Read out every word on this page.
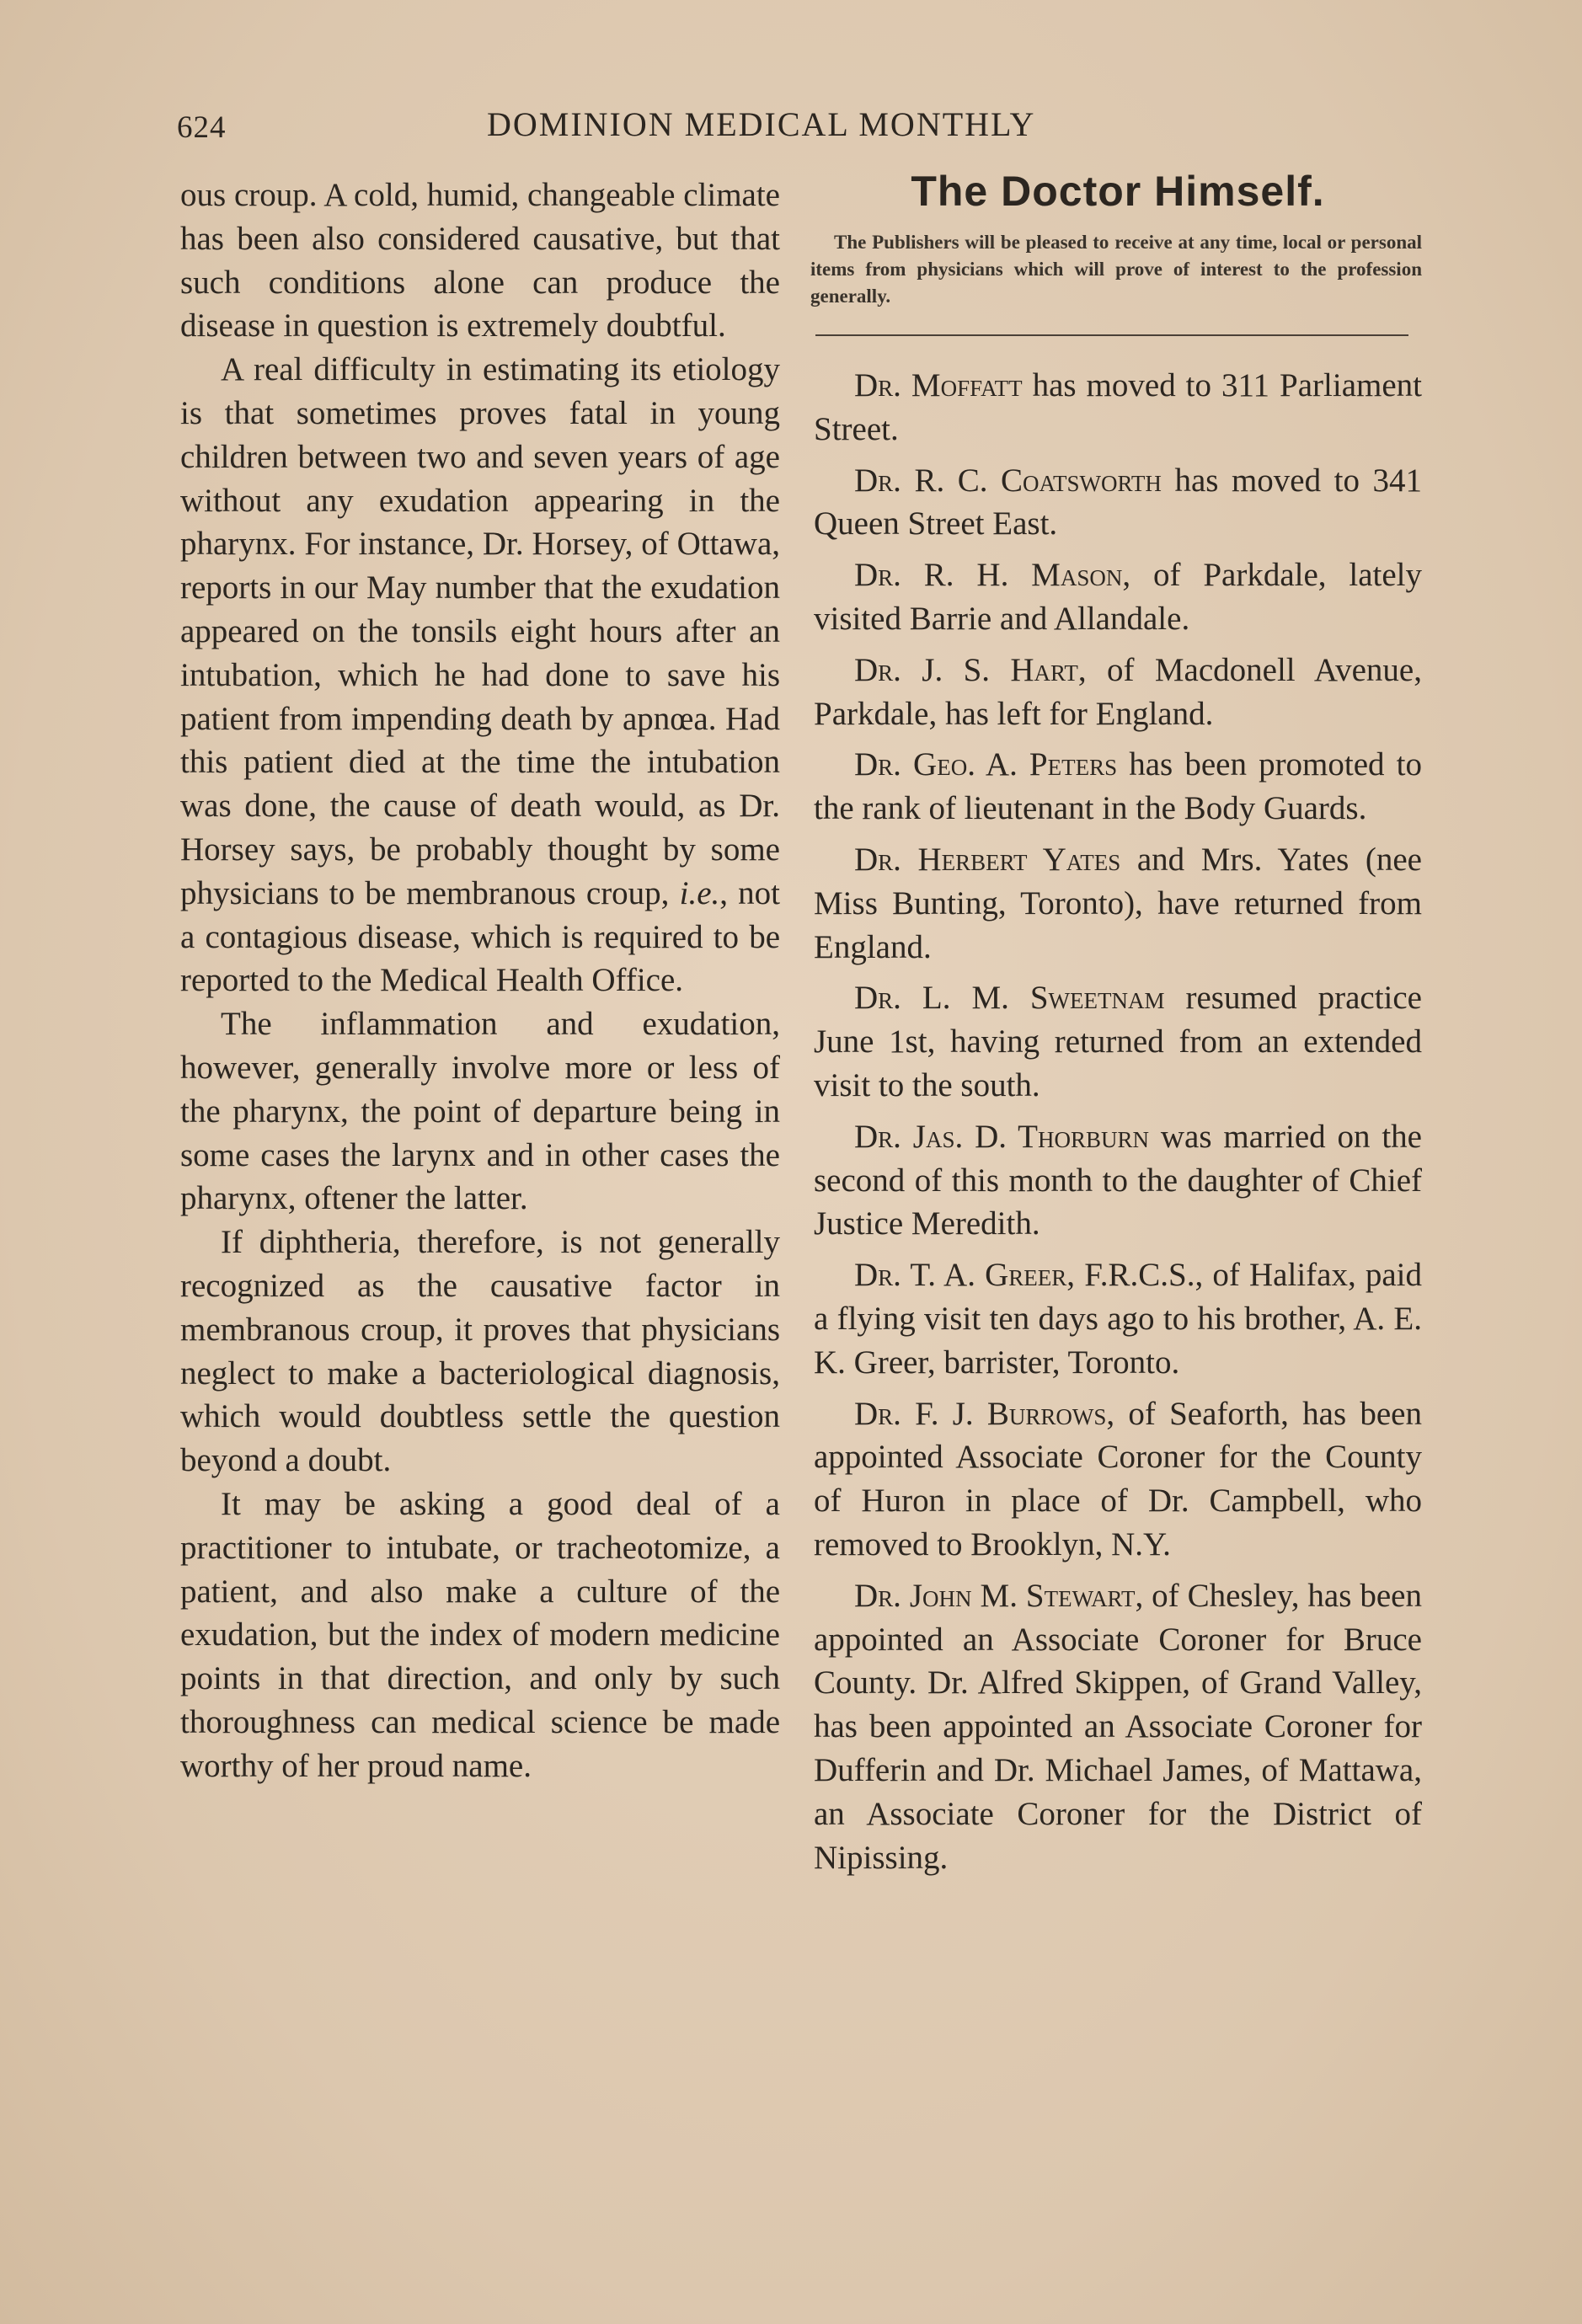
624	DOMINION MEDICAL MONTHLY

ous croup. A cold, humid, changeable climate has been also considered causative, but that such conditions alone can produce the disease in question is extremely doubtful.

A real difficulty in estimating its etiology is that sometimes proves fatal in young children between two and seven years of age without any exudation appearing in the pharynx. For instance, Dr. Horsey, of Ottawa, reports in our May number that the exudation appeared on the tonsils eight hours after an intubation, which he had done to save his patient from impending death by apnœa. Had this patient died at the time the intubation was done, the cause of death would, as Dr. Horsey says, be probably thought by some physicians to be membranous croup, i.e., not a contagious disease, which is required to be reported to the Medical Health Office.

The inflammation and exudation, however, generally involve more or less of the pharynx, the point of departure being in some cases the larynx and in other cases the pharynx, oftener the latter.

If diphtheria, therefore, is not generally recognized as the causative factor in membranous croup, it proves that physicians neglect to make a bacteriological diagnosis, which would doubtless settle the question beyond a doubt.

It may be asking a good deal of a practitioner to intubate, or tracheotomize, a patient, and also make a culture of the exudation, but the index of modern medicine points in that direction, and only by such thoroughness can medical science be made worthy of her proud name.

The Doctor Himself.
The Publishers will be pleased to receive at any time, local or personal items from physicians which will prove of interest to the profession generally.

Dr. Moffatt has moved to 311 Parliament Street.

Dr. R. C. Coatsworth has moved to 341 Queen Street East.

Dr. R. H. Mason, of Parkdale, lately visited Barrie and Allandale.

Dr. J. S. Hart, of Macdonell Avenue, Parkdale, has left for England.

Dr. Geo. A. Peters has been promoted to the rank of lieutenant in the Body Guards.

Dr. Herbert Yates and Mrs. Yates (nee Miss Bunting, Toronto), have returned from England.

Dr. L. M. Sweetnam resumed practice June 1st, having returned from an extended visit to the south.

Dr. Jas. D. Thorburn was married on the second of this month to the daughter of Chief Justice Meredith.

Dr. T. A. Greer, F.R.C.S., of Halifax, paid a flying visit ten days ago to his brother, A. E. K. Greer, barrister, Toronto.

Dr. F. J. Burrows, of Seaforth, has been appointed Associate Coroner for the County of Huron in place of Dr. Campbell, who removed to Brooklyn, N.Y.

Dr. John M. Stewart, of Chesley, has been appointed an Associate Coroner for Bruce County. Dr. Alfred Skippen, of Grand Valley, has been appointed an Associate Coroner for Dufferin and Dr. Michael James, of Mattawa, an Associate Coroner for the District of Nipissing.
